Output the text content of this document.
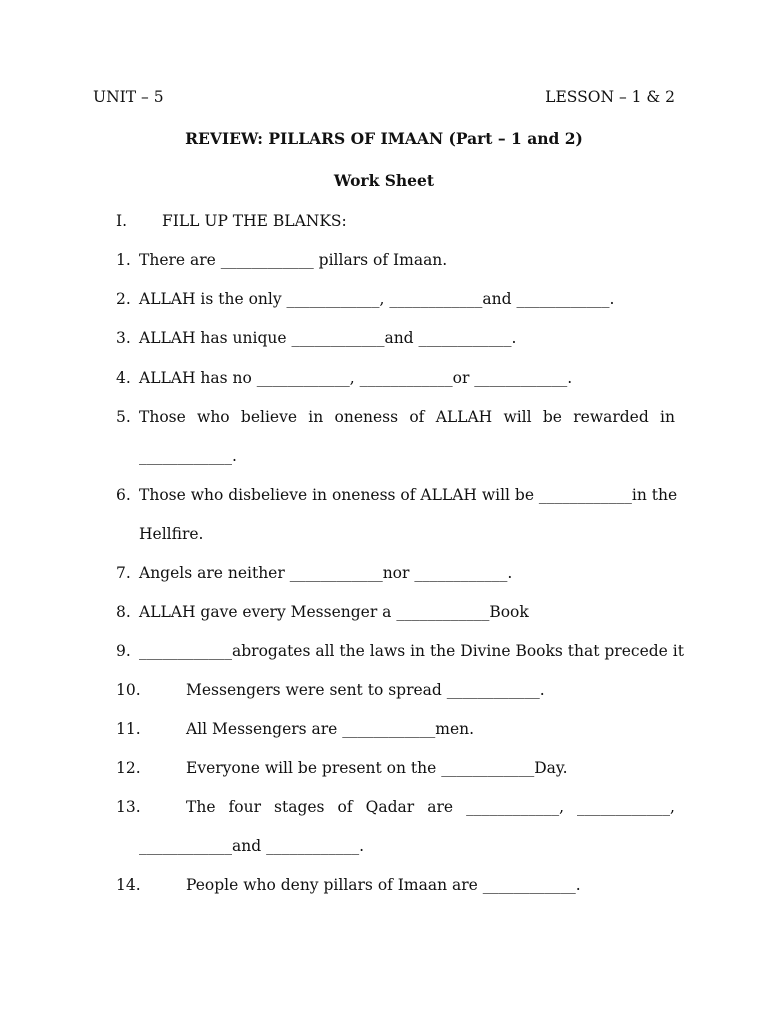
UNIT – 5	LESSON – 1 & 2
REVIEW: PILLARS OF IMAAN (Part – 1 and 2)
Work Sheet
I. FILL UP THE BLANKS:
1. There are ____________ pillars of Imaan.
2. ALLAH is the only ____________, ____________and ____________.
3. ALLAH has unique ____________and ____________.
4. ALLAH has no ____________, ____________or ____________.
5. Those who believe in oneness of ALLAH will be rewarded in
____________.
6. Those who disbelieve in oneness of ALLAH will be ____________in the
Hellfire.
7. Angels are neither ____________nor ____________.
8. ALLAH gave every Messenger a ____________Book
9. ____________abrogates all the laws in the Divine Books that precede it
10.	Messengers were sent to spread ____________.
11.	All Messengers are ____________men.
12.	Everyone will be present on the ____________Day.
13.	The four stages of Qadar are ____________, ____________,
____________and ____________.
14.	People who deny pillars of Imaan are ____________.
